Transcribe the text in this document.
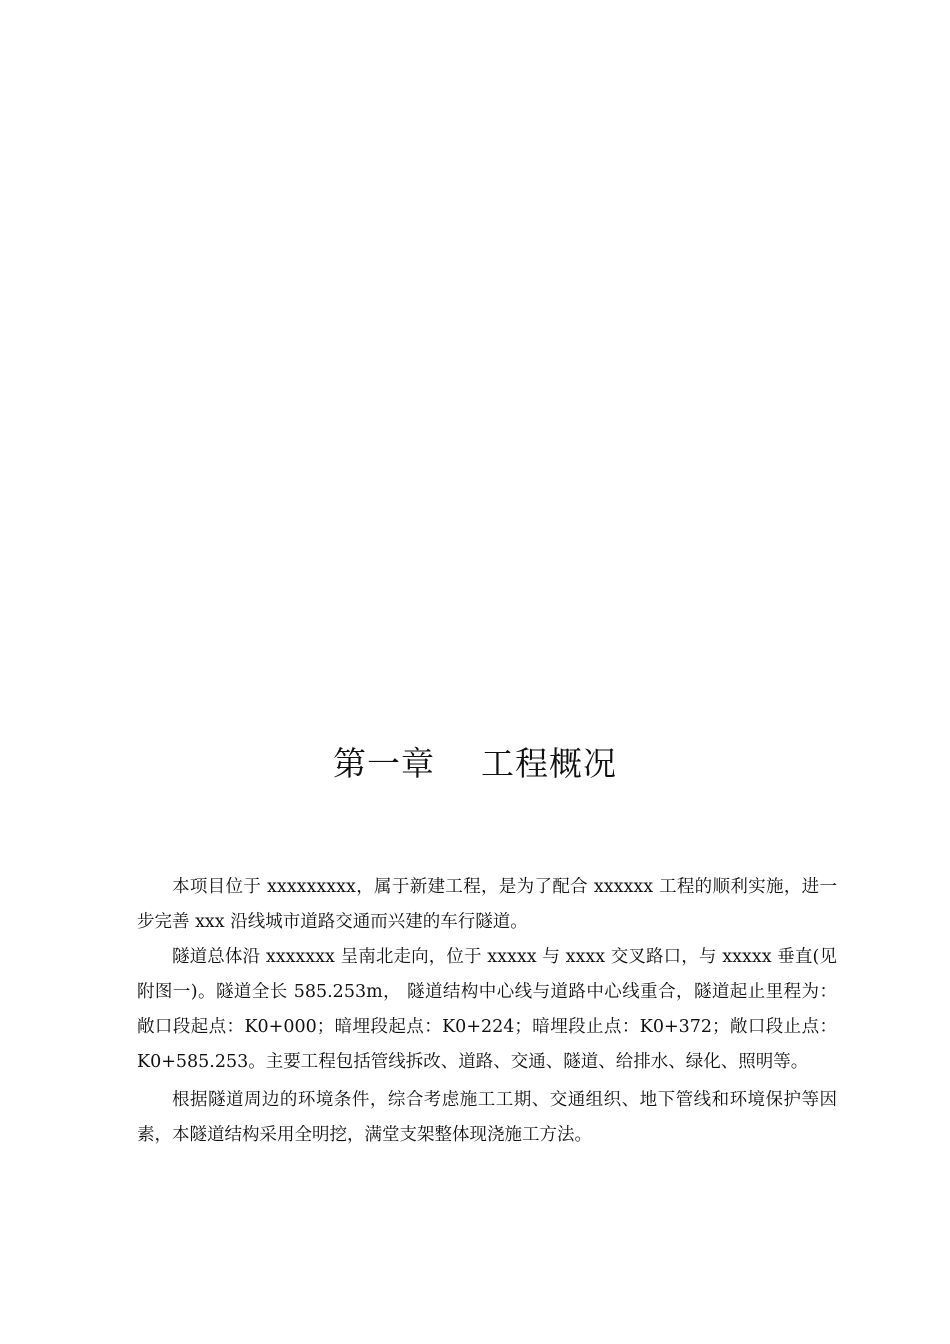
第一章    工程概况

本项目位于 xxxxxxxxx，属于新建工程，是为了配合 xxxxxx 工程的顺利实施，进一步完善 xxx 沿线城市道路交通而兴建的车行隧道。

隧道总体沿 xxxxxxx 呈南北走向，位于 xxxxx 与 xxxx 交叉路口，与 xxxxx 垂直(见附图一)。隧道全长 585.253m， 隧道结构中心线与道路中心线重合，隧道起止里程为：敞口段起点：K0+000；暗埋段起点：K0+224；暗埋段止点：K0+372；敞口段止点：K0+585.253。主要工程包括管线拆改、道路、交通、隧道、给排水、绿化、照明等。

根据隧道周边的环境条件，综合考虑施工工期、交通组织、地下管线和环境保护等因素，本隧道结构采用全明挖，满堂支架整体现浇施工方法。
